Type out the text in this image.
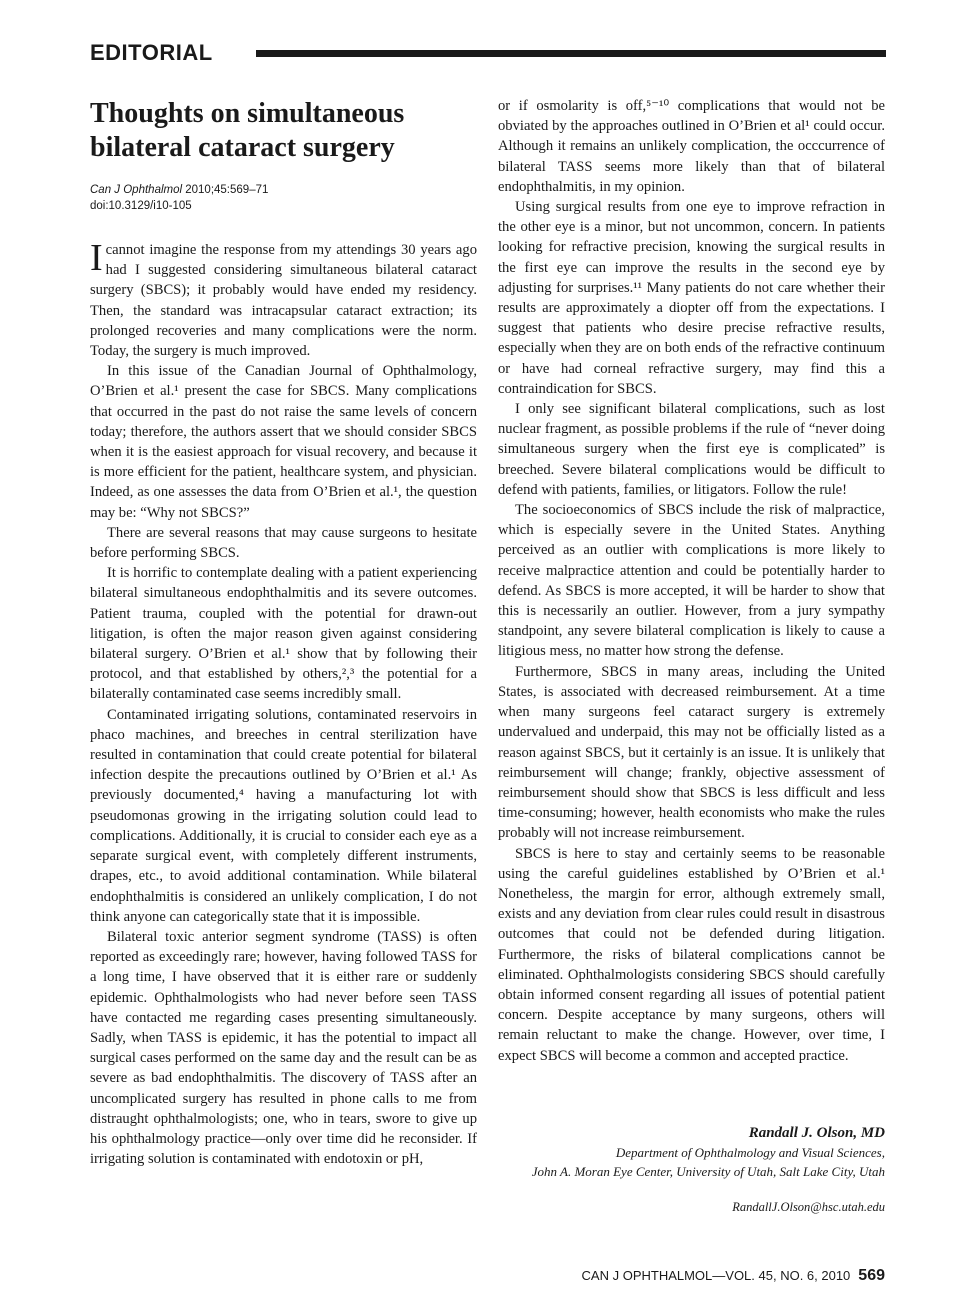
EDITORIAL
Thoughts on simultaneous bilateral cataract surgery
Can J Ophthalmol 2010;45:569–71
doi:10.3129/i10-105

Icannot imagine the response from my attendings 30 years ago had I suggested considering simultaneous bilateral cataract surgery (SBCS); it probably would have ended my residency. Then, the standard was intracapsular cataract extraction; its prolonged recoveries and many complications were the norm. Today, the surgery is much improved.

In this issue of the Canadian Journal of Ophthalmology, O’Brien et al.¹ present the case for SBCS. Many complications that occurred in the past do not raise the same levels of concern today; therefore, the authors assert that we should consider SBCS when it is the easiest approach for visual recovery, and because it is more efficient for the patient, healthcare system, and physician. Indeed, as one assesses the data from O’Brien et al.¹, the question may be: “Why not SBCS?”

There are several reasons that may cause surgeons to hesitate before performing SBCS.

It is horrific to contemplate dealing with a patient experiencing bilateral simultaneous endophthalmitis and its severe outcomes. Patient trauma, coupled with the potential for drawn-out litigation, is often the major reason given against considering bilateral surgery. O’Brien et al.¹ show that by following their protocol, and that established by others,²,³ the potential for a bilaterally contaminated case seems incredibly small.

Contaminated irrigating solutions, contaminated reservoirs in phaco machines, and breeches in central sterilization have resulted in contamination that could create potential for bilateral infection despite the precautions outlined by O’Brien et al.¹ As previously documented,⁴ having a manufacturing lot with pseudomonas growing in the irrigating solution could lead to complications. Additionally, it is crucial to consider each eye as a separate surgical event, with completely different instruments, drapes, etc., to avoid additional contamination. While bilateral endophthalmitis is considered an unlikely complication, I do not think anyone can categorically state that it is impossible.

Bilateral toxic anterior segment syndrome (TASS) is often reported as exceedingly rare; however, having followed TASS for a long time, I have observed that it is either rare or suddenly epidemic. Ophthalmologists who had never before seen TASS have contacted me regarding cases presenting simultaneously. Sadly, when TASS is epidemic, it has the potential to impact all surgical cases performed on the same day and the result can be as severe as bad endophthalmitis. The discovery of TASS after an uncomplicated surgery has resulted in phone calls to me from distraught ophthalmologists; one, who in tears, swore to give up his ophthalmology practice—only over time did he reconsider. If irrigating solution is contaminated with endotoxin or pH,

or if osmolarity is off,⁵⁻¹⁰ complications that would not be obviated by the approaches outlined in O’Brien et al¹ could occur. Although it remains an unlikely complication, the occcurrence of bilateral TASS seems more likely than that of bilateral endophthalmitis, in my opinion.

Using surgical results from one eye to improve refraction in the other eye is a minor, but not uncommon, concern. In patients looking for refractive precision, knowing the surgical results in the first eye can improve the results in the second eye by adjusting for surprises.¹¹ Many patients do not care whether their results are approximately a diopter off from the expectations. I suggest that patients who desire precise refractive results, especially when they are on both ends of the refractive continuum or have had corneal refractive surgery, may find this a contraindication for SBCS.

I only see significant bilateral complications, such as lost nuclear fragment, as possible problems if the rule of “never doing simultaneous surgery when the first eye is complicated” is breeched. Severe bilateral complications would be difficult to defend with patients, families, or litigators. Follow the rule!

The socioeconomics of SBCS include the risk of malpractice, which is especially severe in the United States. Anything perceived as an outlier with complications is more likely to receive malpractice attention and could be potentially harder to defend. As SBCS is more accepted, it will be harder to show that this is necessarily an outlier. However, from a jury sympathy standpoint, any severe bilateral complication is likely to cause a litigious mess, no matter how strong the defense.

Furthermore, SBCS in many areas, including the United States, is associated with decreased reimbursement. At a time when many surgeons feel cataract surgery is extremely undervalued and underpaid, this may not be officially listed as a reason against SBCS, but it certainly is an issue. It is unlikely that reimbursement will change; frankly, objective assessment of reimbursement should show that SBCS is less difficult and less time-consuming; however, health economists who make the rules probably will not increase reimbursement.

SBCS is here to stay and certainly seems to be reasonable using the careful guidelines established by O’Brien et al.¹ Nonetheless, the margin for error, although extremely small, exists and any deviation from clear rules could result in disastrous outcomes that could not be defended during litigation. Furthermore, the risks of bilateral complications cannot be eliminated. Ophthalmologists considering SBCS should carefully obtain informed consent regarding all issues of potential patient concern. Despite acceptance by many surgeons, others will remain reluctant to make the change. However, over time, I expect SBCS will become a common and accepted practice.

Randall J. Olson, MD
Department of Ophthalmology and Visual Sciences,
John A. Moran Eye Center, University of Utah, Salt Lake City, Utah
RandallJ.Olson@hsc.utah.edu
CAN J OPHTHALMOL—VOL. 45, NO. 6, 2010 569
